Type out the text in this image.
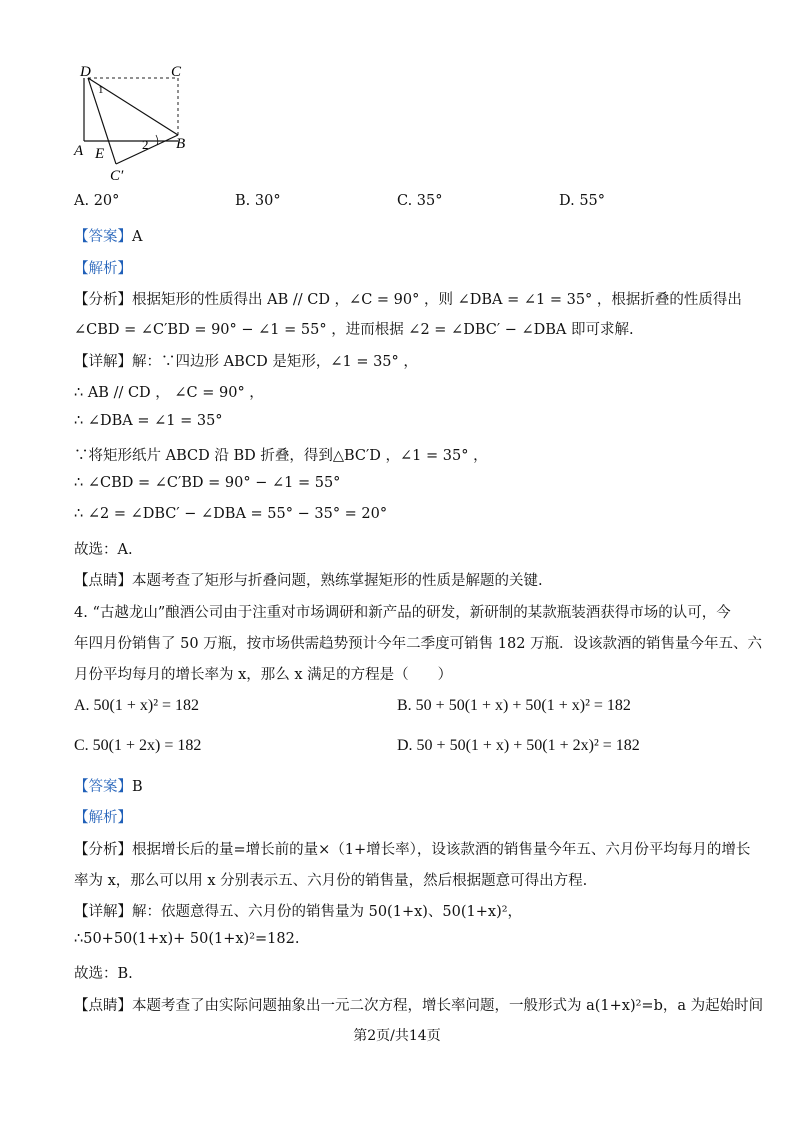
D	C
A E
B
C′
1
2
A. 20°	B. 30°	C. 35°	D. 55°
【答案】A
【解析】
【分析】根据矩形的性质得出 AB // CD ，∠C = 90° ，则 ∠DBA = ∠1 = 35° ，根据折叠的性质得出
∠CBD = ∠C′BD = 90° − ∠1 = 55° ，进而根据 ∠2 = ∠DBC′ − ∠DBA 即可求解.
【详解】解：∵四边形 ABCD 是矩形，∠1 = 35° ，
∴ AB // CD ， ∠C = 90° ，
∴ ∠DBA = ∠1 = 35°
∵将矩形纸片 ABCD 沿 BD 折叠，得到△BC′D ，∠1 = 35° ，
∴ ∠CBD = ∠C′BD = 90° − ∠1 = 55°
∴ ∠2 = ∠DBC′ − ∠DBA = 55° − 35° = 20°
故选：A.
【点睛】本题考查了矩形与折叠问题，熟练掌握矩形的性质是解题的关键.
4. “古越龙山”酿酒公司由于注重对市场调研和新产品的研发，新研制的某款瓶装酒获得市场的认可，今
年四月份销售了 50 万瓶，按市场供需趋势预计今年二季度可销售 182 万瓶．设该款酒的销售量今年五、六
月份平均每月的增长率为 x，那么 x 满足的方程是（　　）
A. 50(1 + x)² = 182	B. 50 + 50(1 + x) + 50(1 + x)² = 182
C. 50(1 + 2x) = 182	D. 50 + 50(1 + x) + 50(1 + 2x)² = 182
【答案】B
【解析】
【分析】根据增长后的量=增长前的量×（1+增长率），设该款酒的销售量今年五、六月份平均每月的增长
率为 x，那么可以用 x 分别表示五、六月份的销售量，然后根据题意可得出方程.
【详解】解：依题意得五、六月份的销售量为 50(1+x)、50(1+x)²，
∴50+50(1+x)+ 50(1+x)²=182.
故选：B.
【点睛】本题考查了由实际问题抽象出一元二次方程，增长率问题，一般形式为 a(1+x)²=b，a 为起始时间
第2页/共14页
